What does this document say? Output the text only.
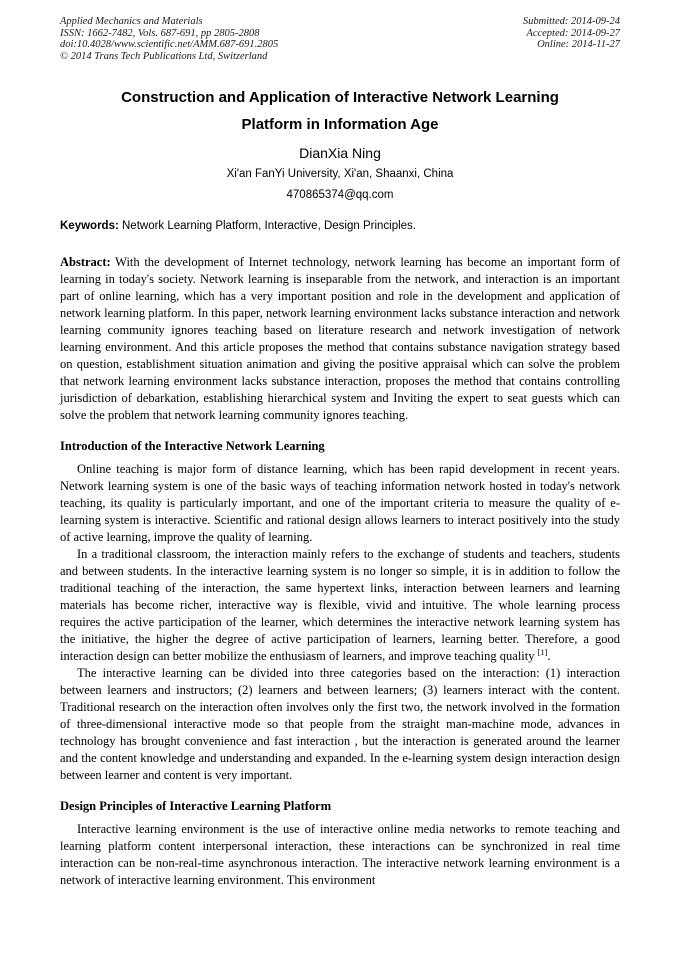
Applied Mechanics and Materials
ISSN: 1662-7482, Vols. 687-691, pp 2805-2808
doi:10.4028/www.scientific.net/AMM.687-691.2805
© 2014 Trans Tech Publications Ltd, Switzerland
Submitted: 2014-09-24
Accepted: 2014-09-27
Online: 2014-11-27
Construction and Application of Interactive Network Learning
Platform in Information Age
DianXia Ning
Xi'an FanYi University, Xi'an, Shaanxi, China
470865374@qq.com

Keywords: Network Learning Platform, Interactive, Design Principles.

Abstract: With the development of Internet technology, network learning has become an important form of learning in today's society. Network learning is inseparable from the network, and interaction is an important part of online learning, which has a very important position and role in the development and application of network learning platform. In this paper, network learning environment lacks substance interaction and network learning community ignores teaching based on literature research and network investigation of network learning environment. And this article proposes the method that contains substance navigation strategy based on question, establishment situation animation and giving the positive appraisal which can solve the problem that network learning environment lacks substance interaction, proposes the method that contains controlling jurisdiction of debarkation, establishing hierarchical system and Inviting the expert to seat guests which can solve the problem that network learning community ignores teaching.

Introduction of the Interactive Network Learning

Online teaching is major form of distance learning, which has been rapid development in recent years. Network learning system is one of the basic ways of teaching information network hosted in today's network teaching, its quality is particularly important, and one of the important criteria to measure the quality of e-learning system is interactive. Scientific and rational design allows learners to interact positively into the study of active learning, improve the quality of learning.

In a traditional classroom, the interaction mainly refers to the exchange of students and teachers, students and between students. In the interactive learning system is no longer so simple, it is in addition to follow the traditional teaching of the interaction, the same hypertext links, interaction between learners and learning materials has become richer, interactive way is flexible, vivid and intuitive. The whole learning process requires the active participation of the learner, which determines the interactive network learning system has the initiative, the higher the degree of active participation of learners, learning better. Therefore, a good interaction design can better mobilize the enthusiasm of learners, and improve teaching quality [1].

The interactive learning can be divided into three categories based on the interaction: (1) interaction between learners and instructors; (2) learners and between learners; (3) learners interact with the content. Traditional research on the interaction often involves only the first two, the network involved in the formation of three-dimensional interactive mode so that people from the straight man-machine mode, advances in technology has brought convenience and fast interaction , but the interaction is generated around the learner and the content knowledge and understanding and expanded. In the e-learning system design interaction design between learner and content is very important.

Design Principles of Interactive Learning Platform

Interactive learning environment is the use of interactive online media networks to remote teaching and learning platform content interpersonal interaction, these interactions can be synchronized in real time interaction can be non-real-time asynchronous interaction. The interactive network learning environment is a network of interactive learning environment. This environment
